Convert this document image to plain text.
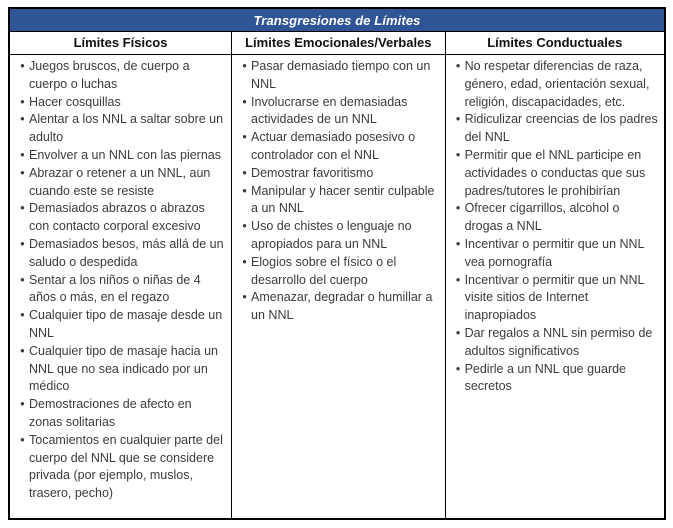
Transgresiones de Límites
Límites Físicos	Límites Emocionales/Verbales	Límites Conductuales
• Juegos bruscos, de cuerpo a cuerpo o luchas
• Hacer cosquillas
• Alentar a los NNL a saltar sobre un adulto
• Envolver a un NNL con las piernas
• Abrazar o retener a un NNL, aun cuando este se resiste
• Demasiados abrazos o abrazos con contacto corporal excesivo
• Demasiados besos, más allá de un saludo o despedida
• Sentar a los niños o niñas de 4 años o más, en el regazo
• Cualquier tipo de masaje desde un NNL
• Cualquier tipo de masaje hacia un NNL que no sea indicado por un médico
• Demostraciones de afecto en zonas solitarias
• Tocamientos en cualquier parte del cuerpo del NNL que se considere privada (por ejemplo, muslos, trasero, pecho)
• Pasar demasiado tiempo con un NNL
• Involucrarse en demasiadas actividades de un NNL
• Actuar demasiado posesivo o controlador con el NNL
• Demostrar favoritismo
• Manipular y hacer sentir culpable a un NNL
• Uso de chistes o lenguaje no apropiados para un NNL
• Elogios sobre el físico o el desarrollo del cuerpo
• Amenazar, degradar o humillar a un NNL
• No respetar diferencias de raza, género, edad, orientación sexual, religión, discapacidades, etc.
• Ridiculizar creencias de los padres del NNL
• Permitir que el NNL participe en actividades o conductas que sus padres/tutores le prohibirían
• Ofrecer cigarrillos, alcohol o drogas a NNL
• Incentivar o permitir que un NNL vea pornografía
• Incentivar o permitir que un NNL visite sitios de Internet inapropiados
• Dar regalos a NNL sin permiso de adultos significativos
• Pedirle a un NNL que guarde secretos
